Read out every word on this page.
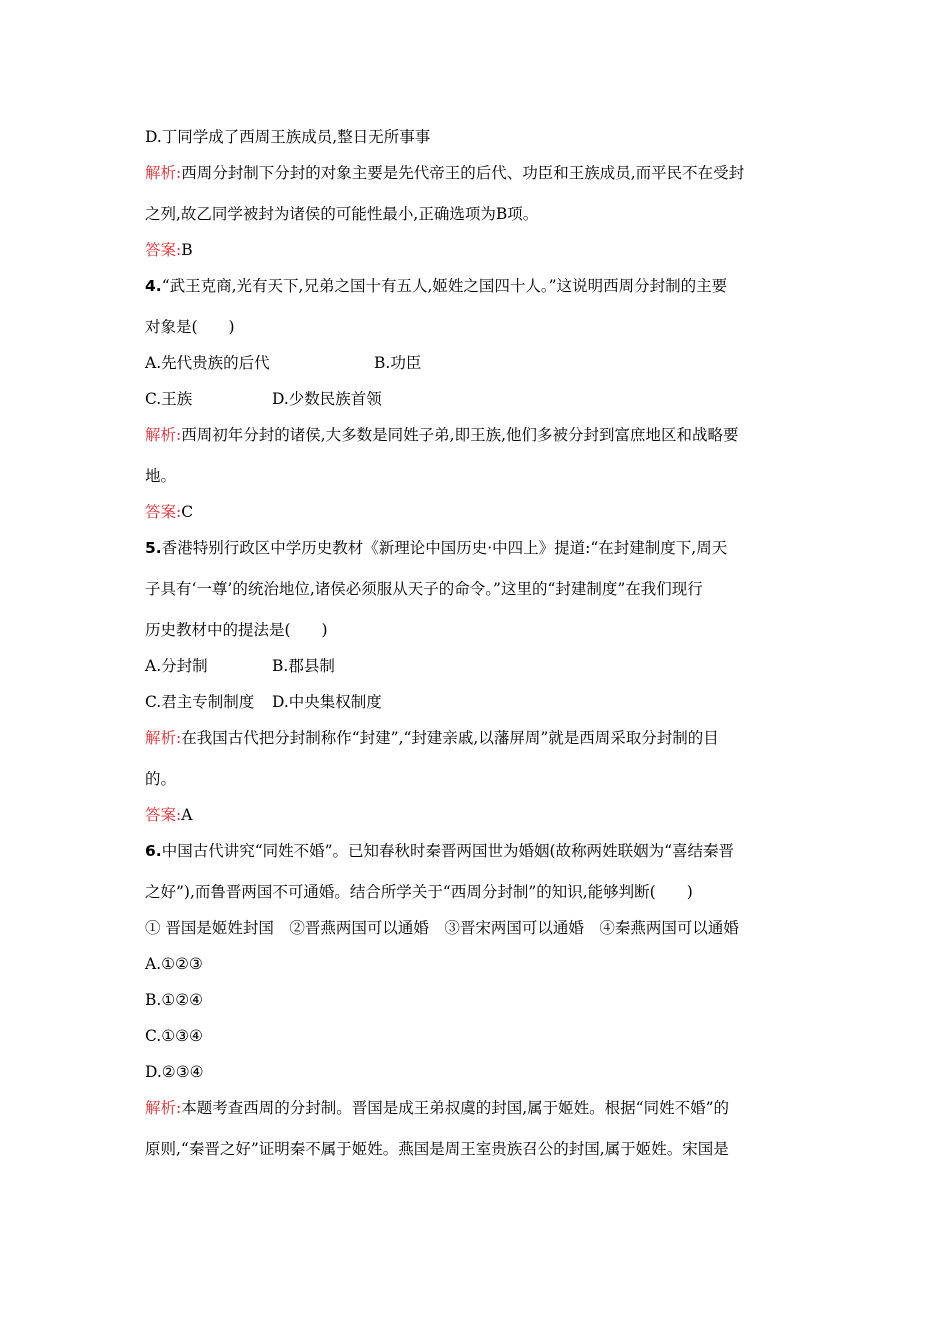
D.丁同学成了西周王族成员,整日无所事事
解析:西周分封制下分封的对象主要是先代帝王的后代、功臣和王族成员,而平民不在受封
之列,故乙同学被封为诸侯的可能性最小,正确选项为B项。
答案:B
4.“武王克商,光有天下,兄弟之国十有五人,姬姓之国四十人。”这说明西周分封制的主要
对象是(　　)
A.先代贵族的后代	B.功臣
C.王族	D.少数民族首领
解析:西周初年分封的诸侯,大多数是同姓子弟,即王族,他们多被分封到富庶地区和战略要
地。
答案:C
5.香港特别行政区中学历史教材《新理论中国历史·中四上》提道:“在封建制度下,周天
子具有‘一尊’的统治地位,诸侯必须服从天子的命令。”这里的“封建制度”在我们现行
历史教材中的提法是(　　)
A.分封制	B.郡县制
C.君主专制制度 D.中央集权制度
解析:在我国古代把分封制称作“封建”,“封建亲戚,以藩屏周”就是西周采取分封制的目
的。
答案:A
6.中国古代讲究“同姓不婚”。已知春秋时秦晋两国世为婚姻(故称两姓联姻为“喜结秦晋
之好”),而鲁晋两国不可通婚。结合所学关于“西周分封制”的知识,能够判断(　　)
① 晋国是姬姓封国　②晋燕两国可以通婚　③晋宋两国可以通婚　④秦燕两国可以通婚
A.①②③
B.①②④
C.①③④
D.②③④
解析:本题考查西周的分封制。晋国是成王弟叔虞的封国,属于姬姓。根据“同姓不婚”的
原则,“秦晋之好”证明秦不属于姬姓。燕国是周王室贵族召公的封国,属于姬姓。宋国是
